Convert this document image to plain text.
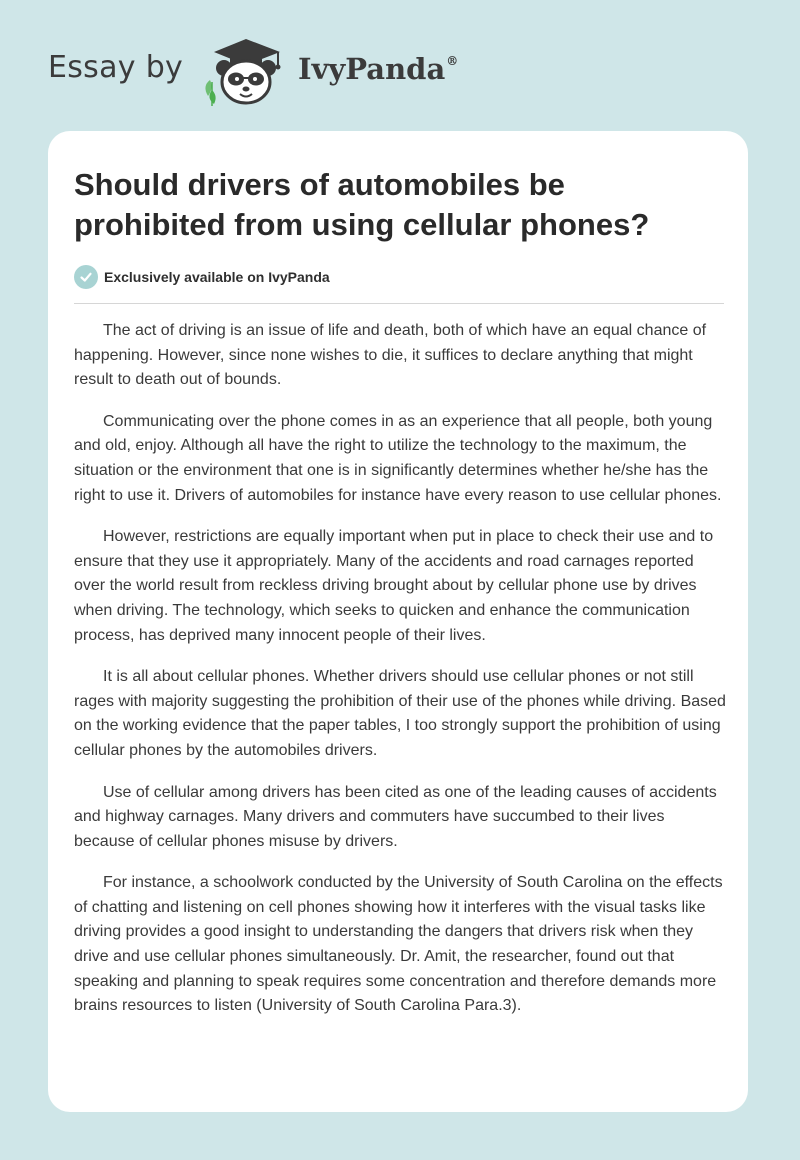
Essay by	IvyPanda®
Should drivers of automobiles be prohibited from using cellular phones?
Exclusively available on IvyPanda

The act of driving is an issue of life and death, both of which have an equal chance of happening. However, since none wishes to die, it suffices to declare anything that might result to death out of bounds.

Communicating over the phone comes in as an experience that all people, both young and old, enjoy. Although all have the right to utilize the technology to the maximum, the situation or the environment that one is in significantly determines whether he/she has the right to use it. Drivers of automobiles for instance have every reason to use cellular phones.

However, restrictions are equally important when put in place to check their use and to ensure that they use it appropriately. Many of the accidents and road carnages reported over the world result from reckless driving brought about by cellular phone use by drives when driving. The technology, which seeks to quicken and enhance the communication process, has deprived many innocent people of their lives.

It is all about cellular phones. Whether drivers should use cellular phones or not still rages with majority suggesting the prohibition of their use of the phones while driving. Based on the working evidence that the paper tables, I too strongly support the prohibition of using cellular phones by the automobiles drivers.

Use of cellular among drivers has been cited as one of the leading causes of accidents and highway carnages. Many drivers and commuters have succumbed to their lives because of cellular phones misuse by drivers.

For instance, a schoolwork conducted by the University of South Carolina on the effects of chatting and listening on cell phones showing how it interferes with the visual tasks like driving provides a good insight to understanding the dangers that drivers risk when they drive and use cellular phones simultaneously. Dr. Amit, the researcher, found out that speaking and planning to speak requires some concentration and therefore demands more brains resources to listen (University of South Carolina Para.3).
